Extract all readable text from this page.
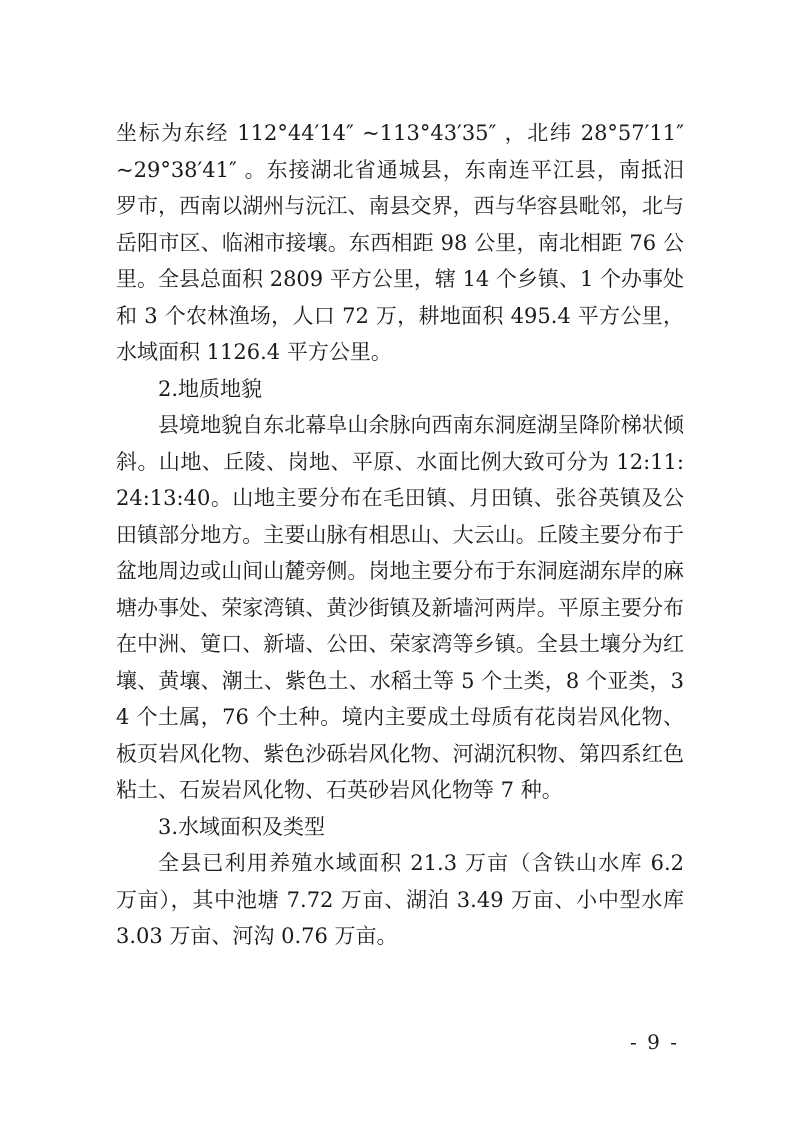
坐标为东经 112°44′14″ ~113°43′35″ ，北纬 28°57′11″ ~29°38′41″ 。东接湖北省通城县，东南连平江县，南抵汨罗市，西南以湖州与沅江、南县交界，西与华容县毗邻，北与岳阳市区、临湘市接壤。东西相距 98 公里，南北相距 76 公里。全县总面积 2809 平方公里，辖 14 个乡镇、1 个办事处和 3 个农林渔场，人口 72 万，耕地面积 495.4 平方公里，水域面积 1126.4 平方公里。

2.地质地貌

县境地貌自东北幕阜山余脉向西南东洞庭湖呈降阶梯状倾斜。山地、丘陵、岗地、平原、水面比例大致可分为 12:11:24:13:40。山地主要分布在毛田镇、月田镇、张谷英镇及公田镇部分地方。主要山脉有相思山、大云山。丘陵主要分布于盆地周边或山间山麓旁侧。岗地主要分布于东洞庭湖东岸的麻塘办事处、荣家湾镇、黄沙街镇及新墙河两岸。平原主要分布在中洲、筻口、新墙、公田、荣家湾等乡镇。全县土壤分为红壤、黄壤、潮土、紫色土、水稻土等 5 个土类，8 个亚类，34 个土属，76 个土种。境内主要成土母质有花岗岩风化物、板页岩风化物、紫色沙砾岩风化物、河湖沉积物、第四系红色粘土、石炭岩风化物、石英砂岩风化物等 7 种。

3.水域面积及类型

全县已利用养殖水域面积 21.3 万亩（含铁山水库 6.2 万亩），其中池塘 7.72 万亩、湖泊 3.49 万亩、小中型水库 3.03 万亩、河沟 0.76 万亩。

- 9 -
